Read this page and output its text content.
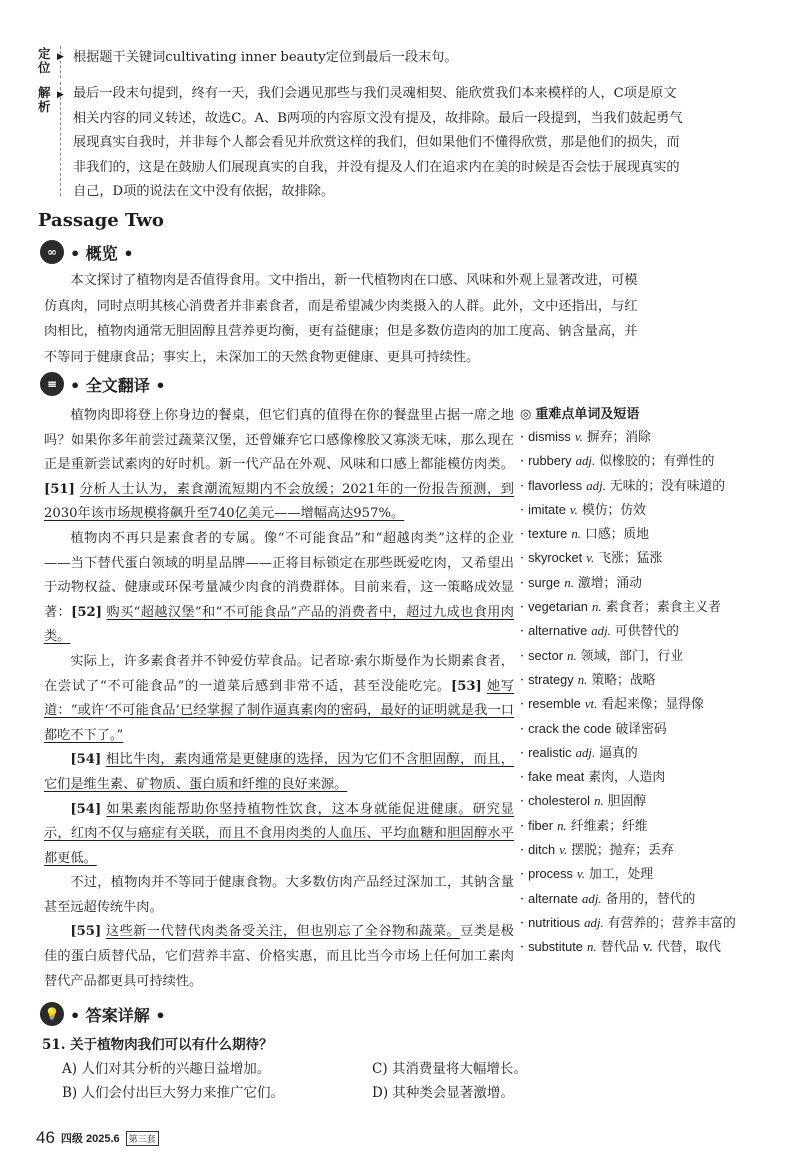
定位
▶ 根据题干关键词cultivating inner beauty定位到最后一段末句。
解析
▶ 最后一段末句提到，终有一天，我们会遇见那些与我们灵魂相契、能欣赏我们本来模样的人，C项是原文
相关内容的同义转述，故选C。A、B两项的内容原文没有提及，故排除。最后一段提到，当我们鼓起勇气
展现真实自我时，并非每个人都会看见并欣赏这样的我们，但如果他们不懂得欣赏，那是他们的损失，而
非我们的，这是在鼓励人们展现真实的自我，并没有提及人们在追求内在美的时候是否会怯于展现真实的
自己，D项的说法在文中没有依据，故排除。
Passage Two
∞ • 概览 •
本文探讨了植物肉是否值得食用。文中指出，新一代植物肉在口感、风味和外观上显著改进，可模
仿真肉，同时点明其核心消费者并非素食者，而是希望减少肉类摄入的人群。此外，文中还指出，与红
肉相比，植物肉通常无胆固醇且营养更均衡，更有益健康；但是多数仿造肉的加工度高、钠含量高，并
不等同于健康食品；事实上，未深加工的天然食物更健康、更具可持续性。
≡ • 全文翻译 •

植物肉即将登上你身边的餐桌，但它们真的值得在你的餐盘里占据一席之地吗？如果你多年前尝过蔬菜汉堡，还曾嫌弃它口感像橡胶又寡淡无味，那么现在正是重新尝试素肉的好时机。新一代产品在外观、风味和口感上都能模仿肉类。[51] 分析人士认为，素食潮流短期内不会放缓；2021年的一份报告预测，到2030年该市场规模将飙升至740亿美元——增幅高达957%。

植物肉不再只是素食者的专属。像“不可能食品”和“超越肉类”这样的企业——当下替代蛋白领域的明星品牌——正将目标锁定在那些既爱吃肉，又希望出于动物权益、健康或环保考量减少肉食的消费群体。目前来看，这一策略成效显著：[52] 购买“超越汉堡”和“不可能食品”产品的消费者中，超过九成也食用肉类。

实际上，许多素食者并不钟爱仿荤食品。记者琼·索尔斯曼作为长期素食者，在尝试了“不可能食品”的一道菜后感到非常不适，甚至没能吃完。[53] 她写道：“或许‘不可能食品’已经掌握了制作逼真素肉的密码，最好的证明就是我一口都吃不下了。”

[54] 相比牛肉，素肉通常是更健康的选择，因为它们不含胆固醇，而且，它们是维生素、矿物质、蛋白质和纤维的良好来源。

[54] 如果素肉能帮助你坚持植物性饮食，这本身就能促进健康。研究显示，红肉不仅与癌症有关联，而且不食用肉类的人血压、平均血糖和胆固醇水平都更低。

不过，植物肉并不等同于健康食物。大多数仿肉产品经过深加工，其钠含量甚至远超传统牛肉。

[55] 这些新一代替代肉类备受关注，但也别忘了全谷物和蔬菜。豆类是极佳的蛋白质替代品，它们营养丰富、价格实惠，而且比当今市场上任何加工素肉替代产品都更具可持续性。

◎ 重难点单词及短语
· dismiss v. 摒弃；消除
· rubbery adj. 似橡胶的；有弹性的
· flavorless adj. 无味的；没有味道的
· imitate v. 模仿；仿效
· texture n. 口感；质地
· skyrocket v. 飞涨；猛涨
· surge n. 激增；涌动
· vegetarian n. 素食者；素食主义者
· alternative adj. 可供替代的
· sector n. 领域，部门，行业
· strategy n. 策略；战略
· resemble vt. 看起来像；显得像
· crack the code 破译密码
· realistic adj. 逼真的
· fake meat 素肉，人造肉
· cholesterol n. 胆固醇
· fiber n. 纤维素；纤维
· ditch v. 摆脱；抛弃；丢弃
· process v. 加工，处理
· alternate adj. 备用的，替代的
· nutritious adj. 有营养的；营养丰富的
· substitute n. 替代品 v. 代替，取代
💡 • 答案详解 •
51. 关于植物肉我们可以有什么期待？
A) 人们对其分析的兴趣日益增加。	C) 其消费量将大幅增长。
B) 人们会付出巨大努力来推广它们。	D) 其种类会显著激增。
46 四级 2025.6	第三套
